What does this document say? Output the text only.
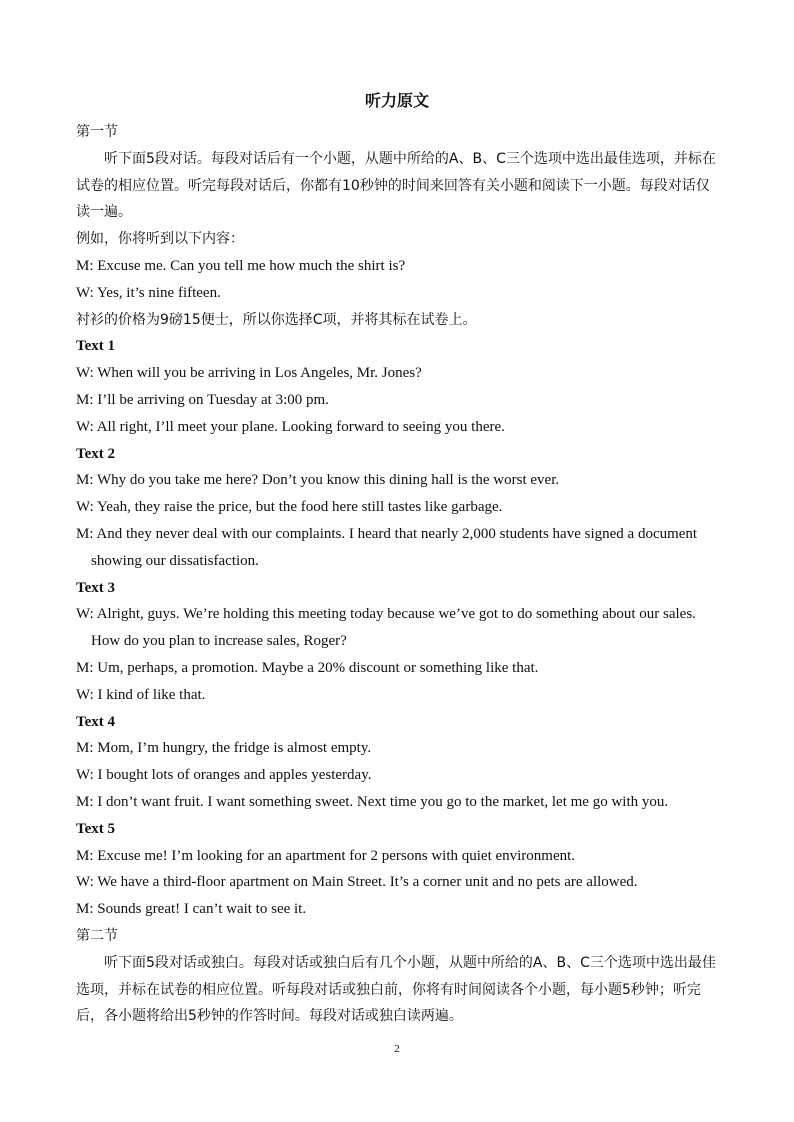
听力原文

第一节

听下面5段对话。每段对话后有一个小题，从题中所给的A、B、C三个选项中选出最佳选项，并标在试卷的相应位置。听完每段对话后，你都有10秒钟的时间来回答有关小题和阅读下一小题。每段对话仅读一遍。

例如，你将听到以下内容：

M: Excuse me. Can you tell me how much the shirt is?

W: Yes, it’s nine fifteen.

衬衫的价格为9磅15便士，所以你选择C项，并将其标在试卷上。

Text 1

W: When will you be arriving in Los Angeles, Mr. Jones?

M: I’ll be arriving on Tuesday at 3:00 pm.

W: All right, I’ll meet your plane. Looking forward to seeing you there.

Text 2

M: Why do you take me here? Don’t you know this dining hall is the worst ever.

W: Yeah, they raise the price, but the food here still tastes like garbage.

M: And they never deal with our complaints. I heard that nearly 2,000 students have signed a document showing our dissatisfaction.

Text 3

W: Alright, guys. We’re holding this meeting today because we’ve got to do something about our sales. How do you plan to increase sales, Roger?

M: Um, perhaps, a promotion. Maybe a 20% discount or something like that.

W: I kind of like that.

Text 4

M: Mom, I’m hungry, the fridge is almost empty.

W: I bought lots of oranges and apples yesterday.

M: I don’t want fruit. I want something sweet. Next time you go to the market, let me go with you.

Text 5

M: Excuse me! I’m looking for an apartment for 2 persons with quiet environment.

W: We have a third-floor apartment on Main Street. It’s a corner unit and no pets are allowed.

M: Sounds great! I can’t wait to see it.

第二节

听下面5段对话或独白。每段对话或独白后有几个小题，从题中所给的A、B、C三个选项中选出最佳选项，并标在试卷的相应位置。听每段对话或独白前，你将有时间阅读各个小题，每小题5秒钟；听完后，各小题将给出5秒钟的作答时间。每段对话或独白读两遍。

2
